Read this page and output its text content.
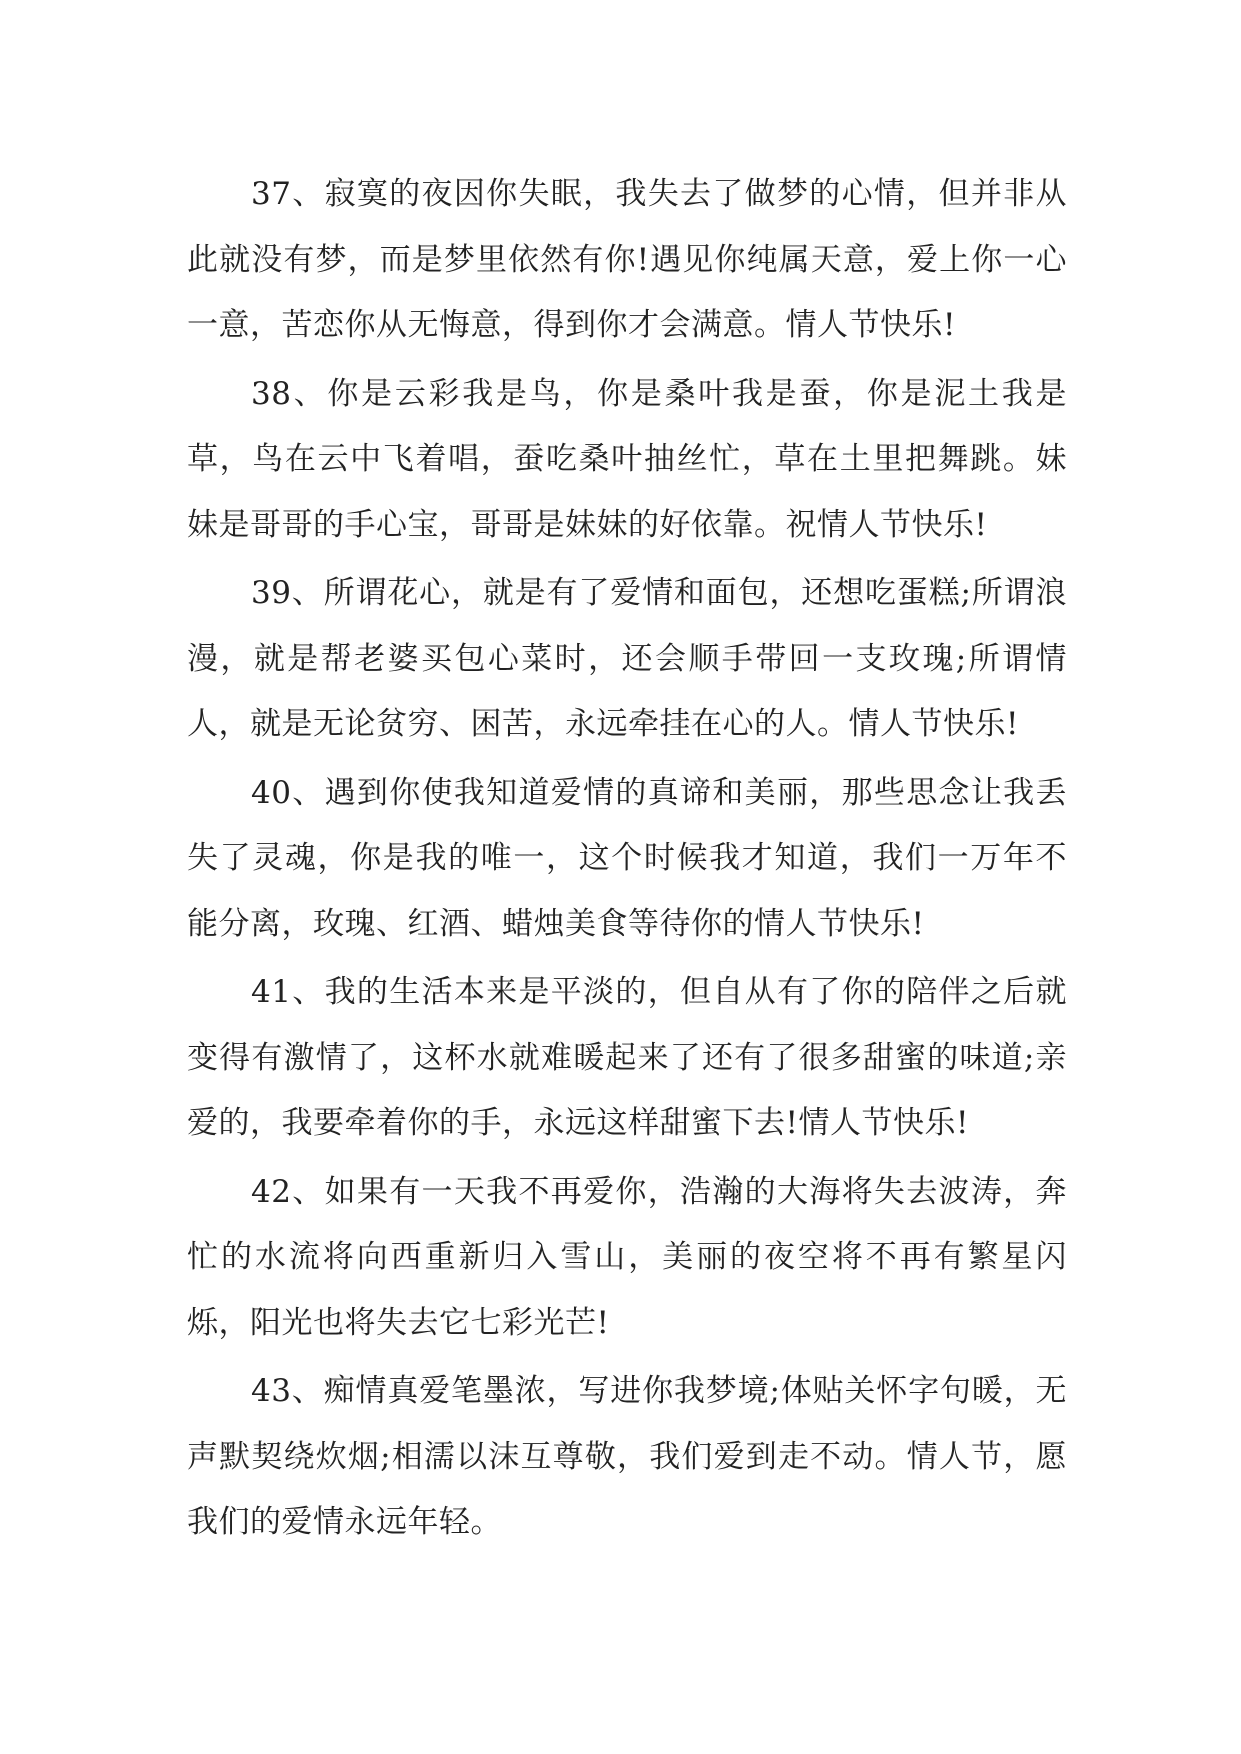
37、寂寞的夜因你失眠，我失去了做梦的心情，但并非从此就没有梦，而是梦里依然有你!遇见你纯属天意，爱上你一心一意，苦恋你从无悔意，得到你才会满意。情人节快乐!

38、你是云彩我是鸟，你是桑叶我是蚕，你是泥土我是草，鸟在云中飞着唱，蚕吃桑叶抽丝忙，草在土里把舞跳。妹妹是哥哥的手心宝，哥哥是妹妹的好依靠。祝情人节快乐!

39、所谓花心，就是有了爱情和面包，还想吃蛋糕;所谓浪漫，就是帮老婆买包心菜时，还会顺手带回一支玫瑰;所谓情人，就是无论贫穷、困苦，永远牵挂在心的人。情人节快乐!

40、遇到你使我知道爱情的真谛和美丽，那些思念让我丢失了灵魂，你是我的唯一，这个时候我才知道，我们一万年不能分离，玫瑰、红酒、蜡烛美食等待你的情人节快乐!

41、我的生活本来是平淡的，但自从有了你的陪伴之后就变得有激情了，这杯水就难暖起来了还有了很多甜蜜的味道;亲爱的，我要牵着你的手，永远这样甜蜜下去!情人节快乐!

42、如果有一天我不再爱你，浩瀚的大海将失去波涛，奔忙的水流将向西重新归入雪山，美丽的夜空将不再有繁星闪烁，阳光也将失去它七彩光芒!

43、痴情真爱笔墨浓，写进你我梦境;体贴关怀字句暖，无声默契绕炊烟;相濡以沫互尊敬，我们爱到走不动。情人节，愿我们的爱情永远年轻。
